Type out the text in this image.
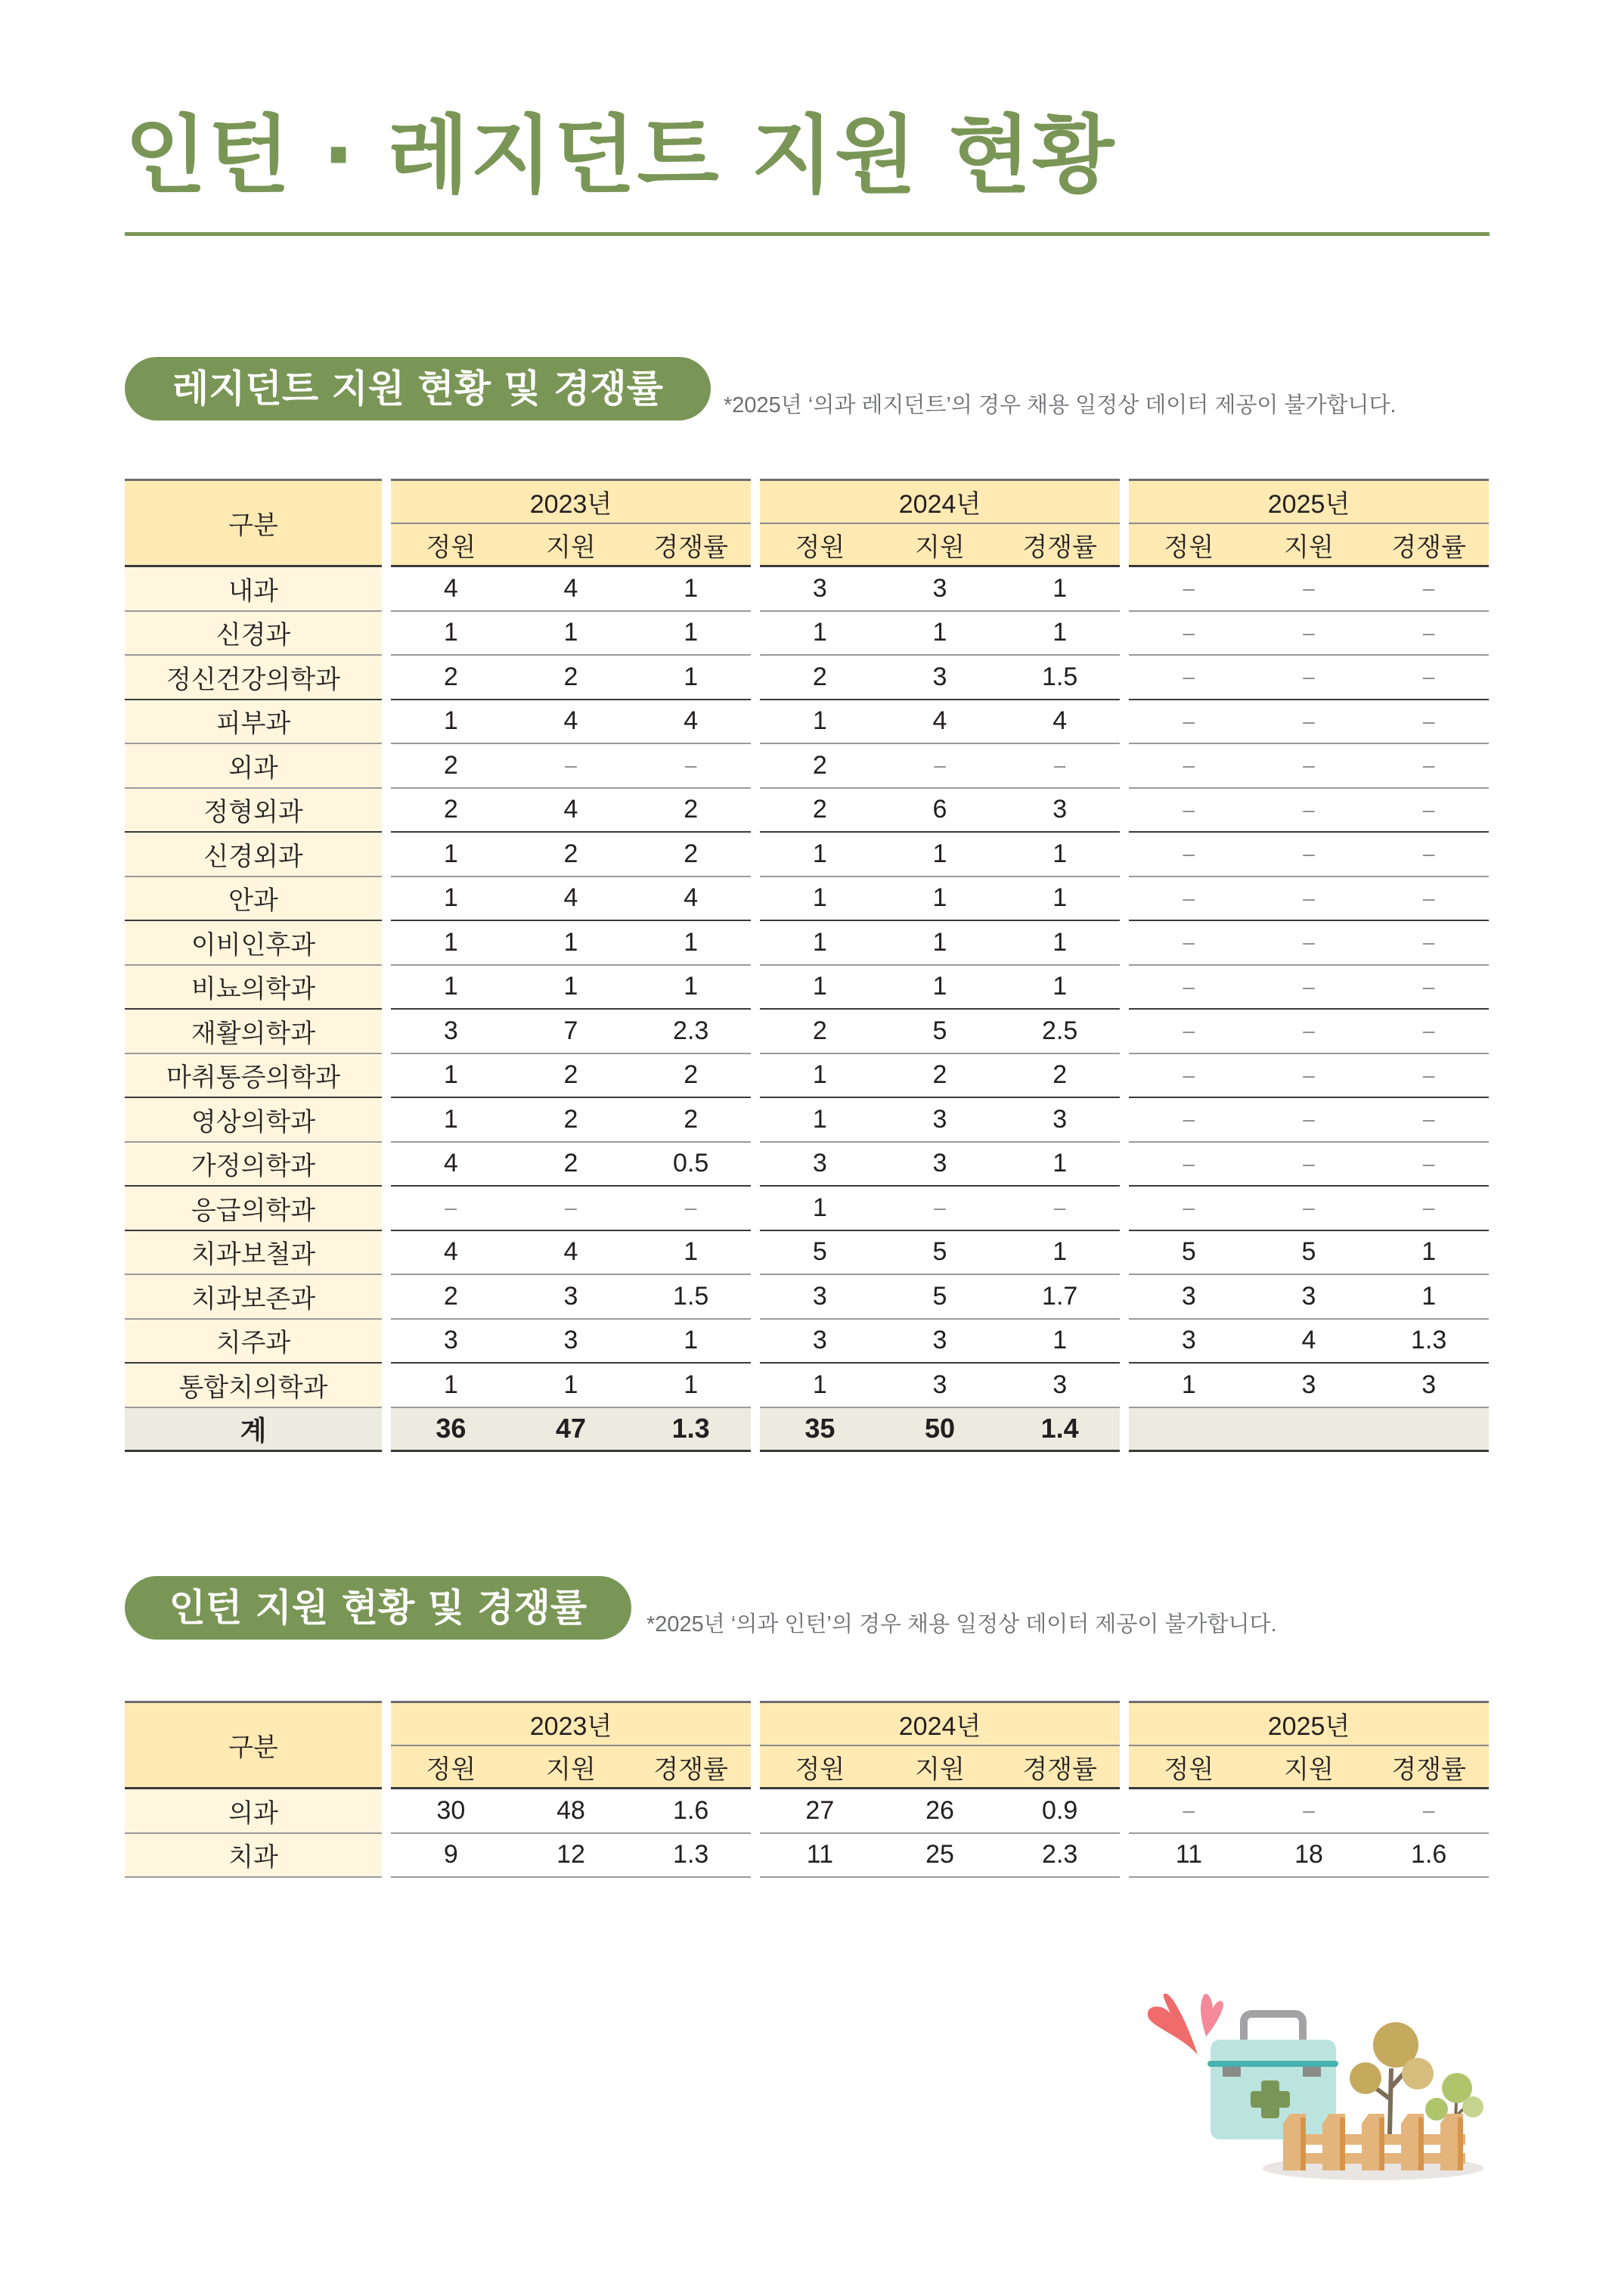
인턴 · 레지던트 지원 현황
레지던트 지원 현황 및 경쟁률	*2025년 ‘의과 레지던트’의 경우 채용 일정상 데이터 제공이 불가합니다.
구분
2023년
정원	지원	경쟁률
2024년
정원	지원	경쟁률
2025년
정원	지원	경쟁률
내과	4	4	1	3	3	1	–	–	–
신경과	1	1	1	1	1	1	–	–	–
정신건강의학과	2	2	1	2	3	1.5	–	–	–
피부과	1	4	4	1	4	4	–	–	–
외과	2	–	–	2	–	–	–	–	–
정형외과	2	4	2	2	6	3	–	–	–
신경외과	1	2	2	1	1	1	–	–	–
안과	1	4	4	1	1	1	–	–	–
이비인후과	1	1	1	1	1	1	–	–	–
비뇨의학과	1	1	1	1	1	1	–	–	–
재활의학과	3	7	2.3	2	5	2.5	–	–	–
마취통증의학과	1	2	2	1	2	2	–	–	–
영상의학과	1	2	2	1	3	3	–	–	–
가정의학과	4	2	0.5	3	3	1	–	–	–
응급의학과	–	–	–	1	–	–	–	–	–
치과보철과	4	4	1	5	5	1	5	5	1
치과보존과	2	3	1.5	3	5	1.7	3	3	1
치주과	3	3	1	3	3	1	3	4	1.3
통합치의학과	1	1	1	1	3	3	1	3	3
계	36	47	1.3	35	50	1.4
인턴 지원 현황 및 경쟁률	*2025년 ‘의과 인턴’의 경우 채용 일정상 데이터 제공이 불가합니다.
구분
2023년
정원	지원	경쟁률
2024년
정원	지원	경쟁률
2025년
정원	지원	경쟁률
의과	30	48	1.6	27	26	0.9	–	–	–
치과	9	12	1.3	11	25	2.3	11	18	1.6
